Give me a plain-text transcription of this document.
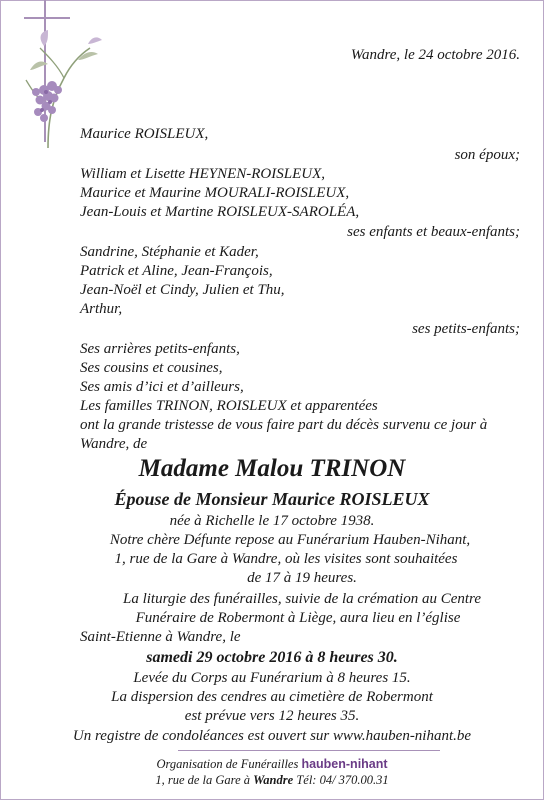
Wandre, le 24 octobre 2016.
Maurice ROISLEUX,
son époux;
William et Lisette HEYNEN-ROISLEUX,
Maurice et Maurine MOURALI-ROISLEUX,
Jean-Louis et Martine ROISLEUX-SAROLÉA,
ses enfants et beaux-enfants;
Sandrine, Stéphanie et Kader,
Patrick et Aline, Jean-François,
Jean-Noël et Cindy, Julien et Thu,
Arthur,
ses petits-enfants;
Ses arrières petits-enfants,
Ses cousins et cousines,
Ses amis d’ici et d’ailleurs,
Les familles TRINON, ROISLEUX et apparentées
ont la grande tristesse de vous faire part du décès survenu ce jour à
Wandre, de
Madame Malou TRINON
Épouse de Monsieur Maurice ROISLEUX
née à Richelle le 17 octobre 1938.
Notre chère Défunte repose au Funérarium Hauben-Nihant,
1, rue de la Gare à Wandre, où les visites sont souhaitées
de 17 à 19 heures.
La liturgie des funérailles, suivie de la crémation au Centre
Funéraire de Robermont à Liège, aura lieu en l’église
Saint-Etienne à Wandre, le
samedi 29 octobre 2016 à 8 heures 30.
Levée du Corps au Funérarium à 8 heures 15.
La dispersion des cendres au cimetière de Robermont
est prévue vers 12 heures 35.
Un registre de condoléances est ouvert sur www.hauben-nihant.be
Organisation de Funérailles hauben-nihant
1, rue de la Gare à Wandre Tél: 04/ 370.00.31
